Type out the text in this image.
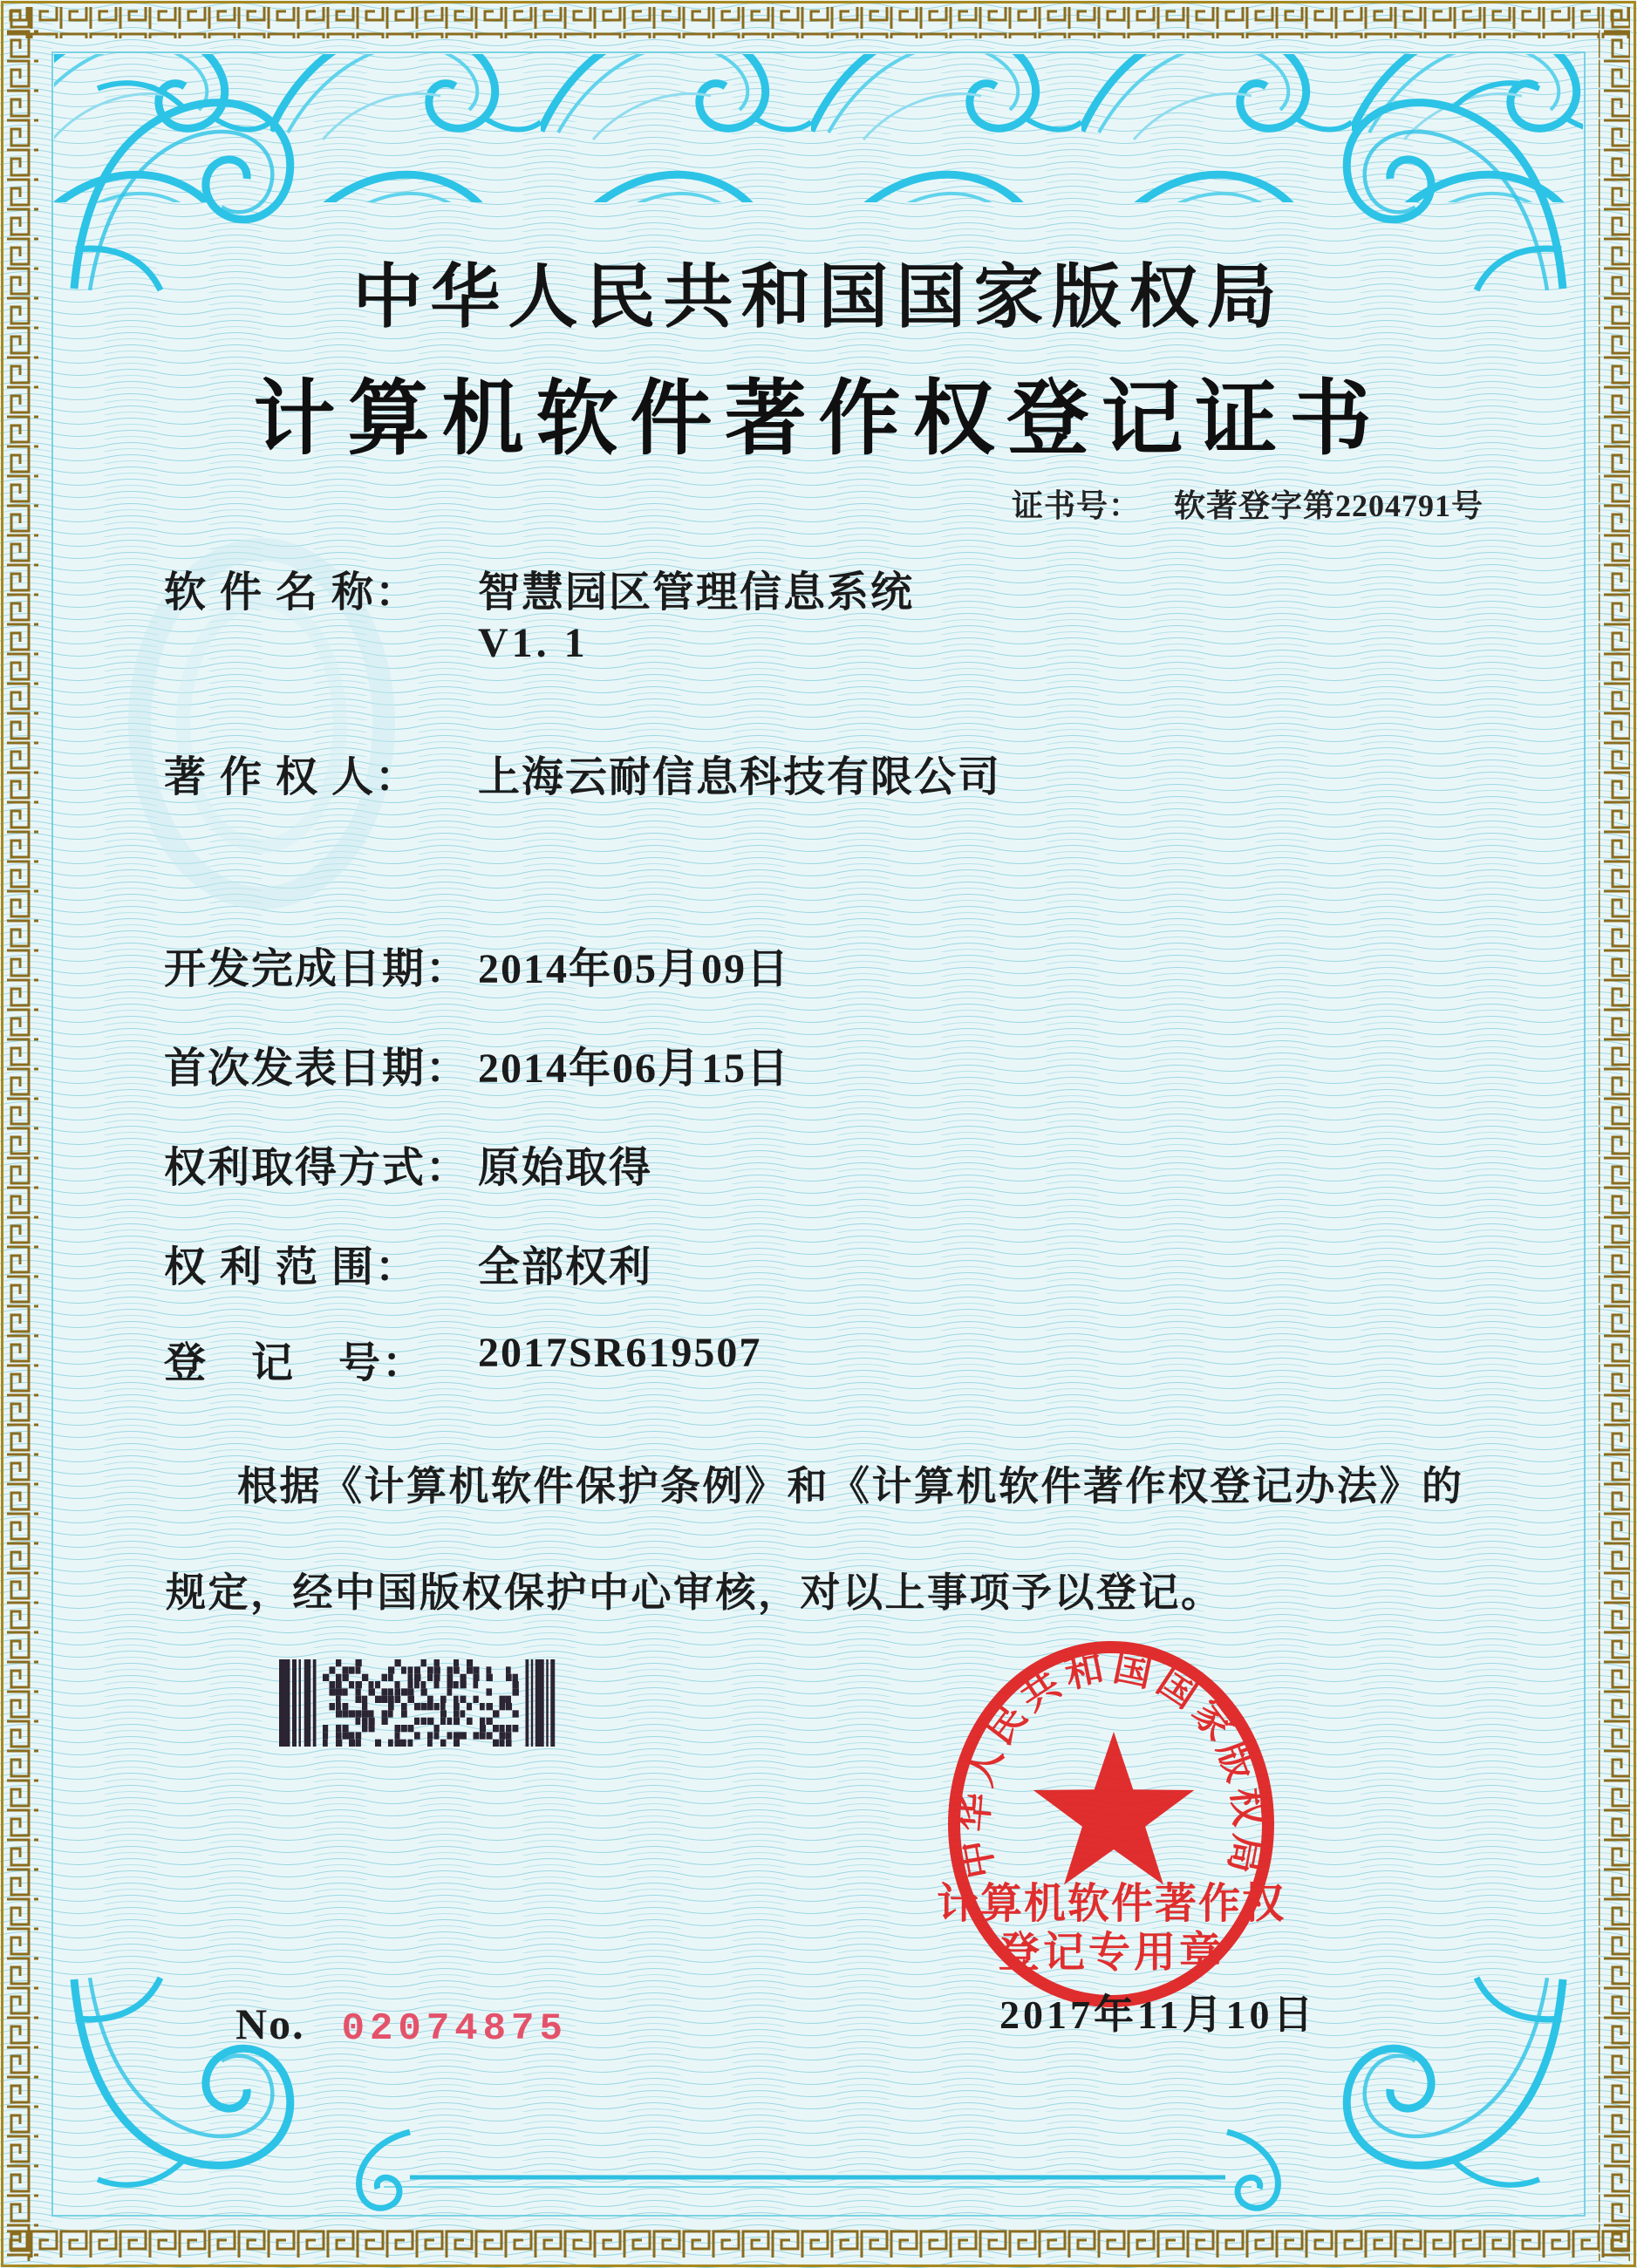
中华人民共和国国家版权局
计算机软件著作权登记证书
证书号： 软著登字第2204791号
软 件 名 称： 智慧园区管理信息系统
V1. 1
著 作 权 人： 上海云耐信息科技有限公司
开发完成日期： 2014年05月09日
首次发表日期： 2014年06月15日
权利取得方式： 原始取得
权 利 范 围： 全部权利
登　记　号： 2017SR619507
根据《计算机软件保护条例》和《计算机软件著作权登记办法》的
规定，经中国版权保护中心审核，对以上事项予以登记。
中华人民共和国国家版权局
计算机软件著作权
登记专用章
2017年11月10日
No. 02074875
